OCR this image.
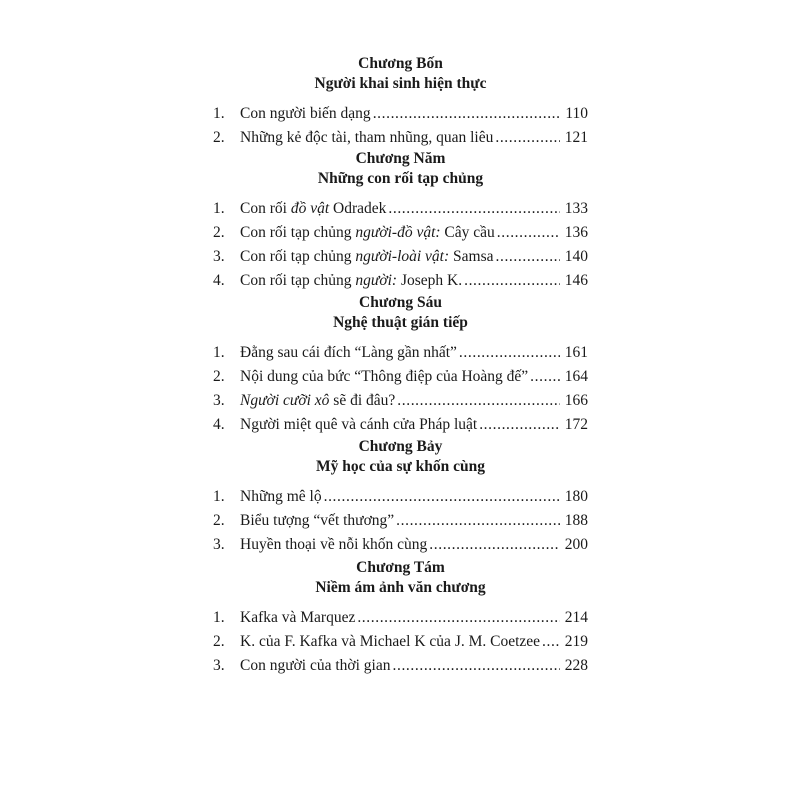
Chương Bốn
Người khai sinh hiện thực
1. Con người biến dạng .....	110
2. Những kẻ độc tài, tham nhũng, quan liêu .....	121
Chương Năm
Những con rối tạp chủng
1. Con rối đồ vật Odradek .....	133
2. Con rối tạp chủng người-đồ vật: Cây cầu .....	136
3. Con rối tạp chủng người-loài vật: Samsa .....	140
4. Con rối tạp chủng người: Joseph K. .....	146
Chương Sáu
Nghệ thuật gián tiếp
1. Đằng sau cái đích “Làng gần nhất” .....	161
2. Nội dung của bức “Thông điệp của Hoàng đế” ..... 164
3. Người cưỡi xô sẽ đi đâu? .....	166
4. Người miệt quê và cánh cửa Pháp luật .....	172
Chương Bảy
Mỹ học của sự khốn cùng
1. Những mê lộ .....	180
2. Biểu tượng “vết thương” .....	188
3. Huyền thoại về nỗi khốn cùng .....	200
Chương Tám
Niềm ám ảnh văn chương
1. Kafka và Marquez .....	214
2. K. của F. Kafka và Michael K của J. M. Coetzee ..... 219
3. Con người của thời gian .....	228
